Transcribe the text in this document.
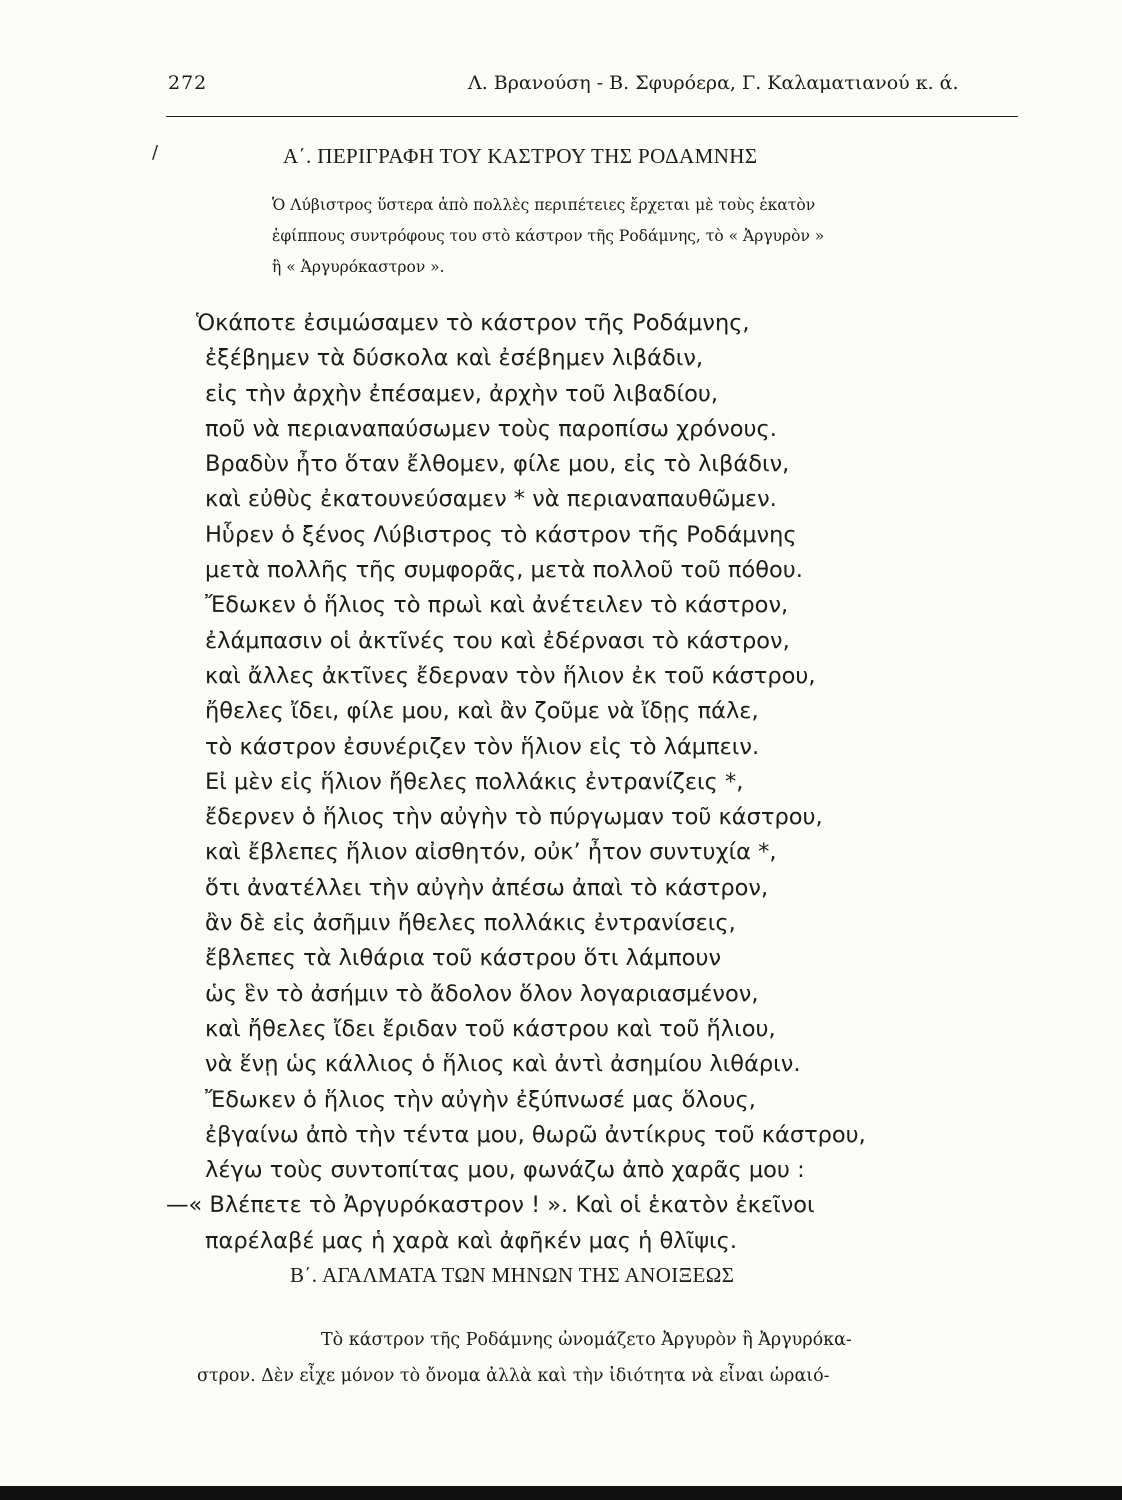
272	Λ. Βρανούση - Β. Σφυρόερα, Γ. Καλαματιανού κ. ά.
/	Α΄. ΠΕΡΙΓΡΑΦΗ ΤΟΥ ΚΑΣΤΡΟΥ ΤΗΣ ΡΟΔΑΜΝΗΣ
Ὁ Λύβιστρος ὕστερα ἀπὸ πολλὲς περιπέτειες ἔρχεται μὲ τοὺς ἑκατὸν
ἐφίππους συντρόφους του στὸ κάστρον τῆς Ροδάμνης, τὸ « Ἀργυρὸν »
ἢ « Ἀργυρόκαστρον ».
Ὁκάποτε ἐσιμώσαμεν τὸ κάστρον τῆς Ροδάμνης,
ἐξέβημεν τὰ δύσκολα καὶ ἐσέβημεν λιβάδιν,
εἰς τὴν ἀρχὴν ἐπέσαμεν, ἀρχὴν τοῦ λιβαδίου,
ποῦ νὰ περιαναπαύσωμεν τοὺς παροπίσω χρόνους.
Βραδὺν ἦτο ὅταν ἔλθομεν, φίλε μου, εἰς τὸ λιβάδιν,
καὶ εὐθὺς ἐκατουνεύσαμεν * νὰ περιαναπαυθῶμεν.
Ηὗρεν ὁ ξένος Λύβιστρος τὸ κάστρον τῆς Ροδάμνης
μετὰ πολλῆς τῆς συμφορᾶς, μετὰ πολλοῦ τοῦ πόθου.
Ἔδωκεν ὁ ἥλιος τὸ πρωὶ καὶ ἀνέτειλεν τὸ κάστρον,
ἐλάμπασιν οἱ ἀκτῖνές του καὶ ἐδέρνασι τὸ κάστρον,
καὶ ἄλλες ἀκτῖνες ἔδερναν τὸν ἥλιον ἐκ τοῦ κάστρου,
ἤθελες ἴδει, φίλε μου, καὶ ἂν ζοῦμε νὰ ἴδῃς πάλε,
τὸ κάστρον ἐσυνέριζεν τὸν ἥλιον εἰς τὸ λάμπειν.
Εἰ μὲν εἰς ἥλιον ἤθελες πολλάκις ἐντρανίζεις *,
ἔδερνεν ὁ ἥλιος τὴν αὐγὴν τὸ πύργωμαν τοῦ κάστρου,
καὶ ἔβλεπες ἥλιον αἰσθητόν, οὐκ’ ἦτον συντυχία *,
ὅτι ἀνατέλλει τὴν αὐγὴν ἀπέσω ἀπαὶ τὸ κάστρον,
ἂν δὲ εἰς ἀσῆμιν ἤθελες πολλάκις ἐντρανίσεις,
ἔβλεπες τὰ λιθάρια τοῦ κάστρου ὅτι λάμπουν
ὡς ἓν τὸ ἀσήμιν τὸ ἄδολον ὅλον λογαριασμένον,
καὶ ἤθελες ἴδει ἔριδαν τοῦ κάστρου καὶ τοῦ ἥλιου,
νὰ ἕνῃ ὡς κάλλιος ὁ ἥλιος καὶ ἀντὶ ἀσημίου λιθάριν.
Ἔδωκεν ὁ ἥλιος τὴν αὐγὴν ἐξύπνωσέ μας ὅλους,
ἐβγαίνω ἀπὸ τὴν τέντα μου, θωρῶ ἀντίκρυς τοῦ κάστρου,
λέγω τοὺς συντοπίτας μου, φωνάζω ἀπὸ χαρᾶς μου :
—« Βλέπετε τὸ Ἀργυρόκαστρον ! ». Καὶ οἱ ἑκατὸν ἐκεῖνοι
παρέλαβέ μας ἡ χαρὰ καὶ ἀφῆκέν μας ἡ θλῖψις.
Β΄. ΑΓΑΛΜΑΤΑ ΤΩΝ ΜΗΝΩΝ ΤΗΣ ΑΝΟΙΞΕΩΣ
Τὸ κάστρον τῆς Ροδάμνης ὠνομάζετο Ἀργυρὸν ἢ Ἀργυρόκα-
στρον. Δὲν εἶχε μόνον τὸ ὄνομα ἀλλὰ καὶ τὴν ἰδιότητα νὰ εἶναι ὡραιό-
